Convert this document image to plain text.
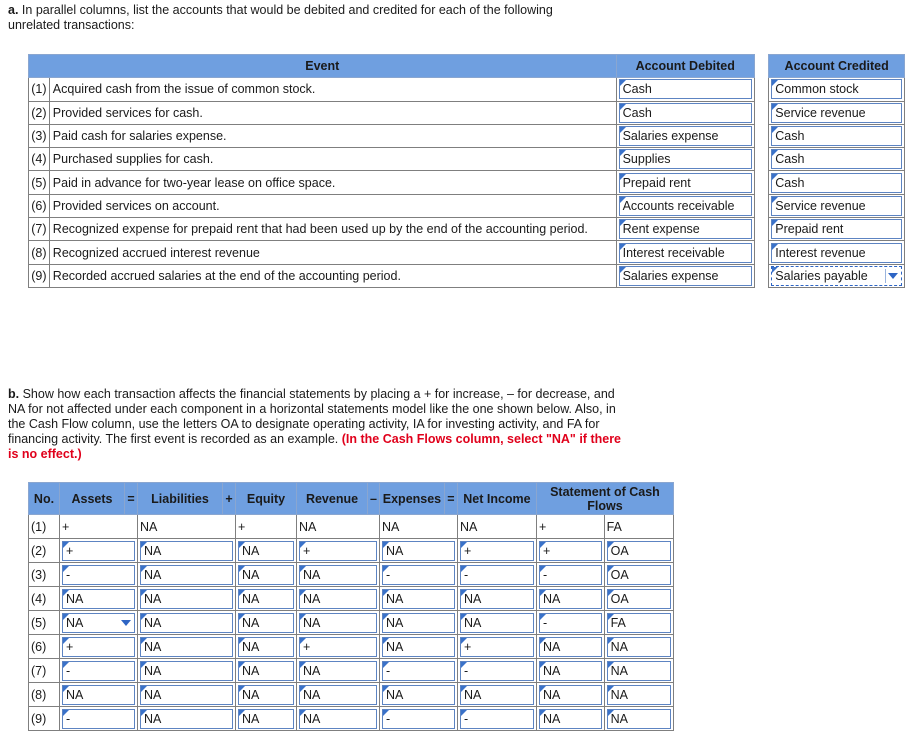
a. In parallel columns, list the accounts that would be debited and credited for each of the following unrelated transactions:
Event		Account Debited		Account Credited
(1)	Acquired cash from the issue of common stock.	Cash		Common stock

(2)	Provided services for cash.	Cash		Service revenue

(3)	Paid cash for salaries expense.	Salaries expense		Cash

(4)	Purchased supplies for cash.	Supplies		Cash

(5)	Paid in advance for two-year lease on office space.	Prepaid rent		Cash

(6)	Provided services on account.	Accounts receivable		Service revenue

(7)	Recognized expense for prepaid rent that had been used up by the end of the accounting period.	Rent expense		Prepaid rent

(8)	Recognized accrued interest revenue	Interest receivable		Interest revenue

(9)	Recorded accrued salaries at the end of the accounting period.	Salaries expense		Salaries payable
b. Show how each transaction affects the financial statements by placing a + for increase, – for decrease, and NA for not affected under each component in a horizontal statements model like the one shown below. Also, in the Cash Flow column, use the letters OA to designate operating activity, IA for investing activity, and FA for financing activity. The first event is recorded as an example. (In the Cash Flows column, select "NA" if there is no effect.)
No.	Assets	=	Liabilities	+	Equity	Revenue	–	Expenses	=	Net Income	Statement of Cash Flows	
(1)	+		NA		+	NA		NA		NA	+	FA
(2)	+		NA		NA	+		NA		+	+	OA

(3)	-		NA		NA	NA		-		-	-	OA

(4)	NA		NA		NA	NA		NA		NA	NA	OA

(5)	NA		NA		NA	NA		NA		NA	-	FA

(6)	+		NA		NA	+		NA		+	NA	NA

(7)	-		NA		NA	NA		-		-	NA	NA

(8)	NA		NA		NA	NA		NA		NA	NA	NA

(9)	-		NA		NA	NA		-		-	NA	NA
